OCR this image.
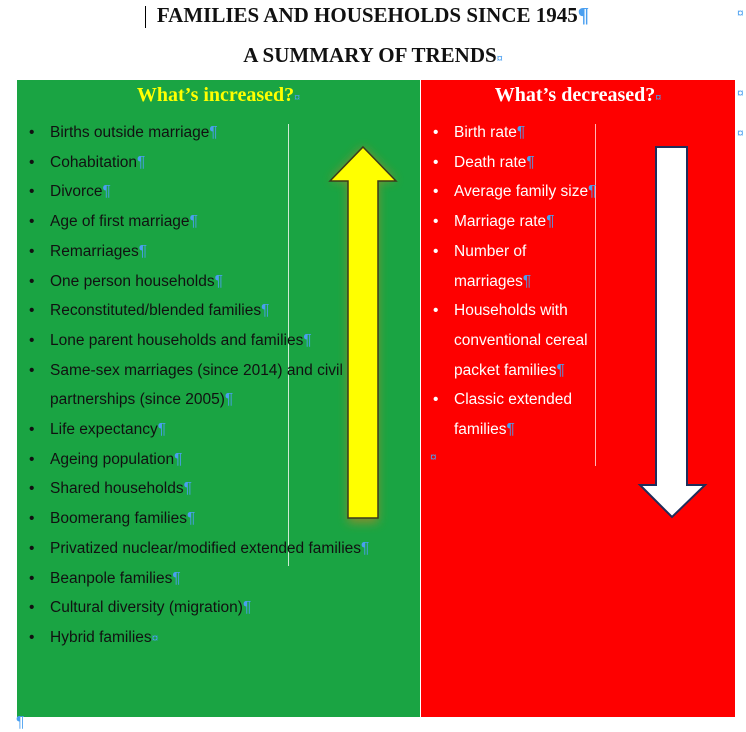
FAMILIES AND HOUSEHOLDS SINCE 1945¶
A SUMMARY OF TRENDS¤
¤
¤
¤
What’s increased?¤	What’s decreased?¤
• Births outside marriage¶
• Cohabitation¶
• Divorce¶
• Age of first marriage¶
• Remarriages¶
• One person households¶
• Reconstituted/blended families¶
• Lone parent households and families¶
• Same-sex marriages (since 2014) and civil partnerships (since 2005)¶
• Life expectancy¶
• Ageing population¶
• Shared households¶
• Boomerang families¶
• Privatized nuclear/modified extended families¶
• Beanpole families¶
• Cultural diversity (migration)¶
• Hybrid families¤
• Birth rate¶
• Death rate¶
• Average family size¶
• Marriage rate¶
• Number of marriages¶
• Households with conventional cereal packet families¶
• Classic extended families¶
¤
¶
